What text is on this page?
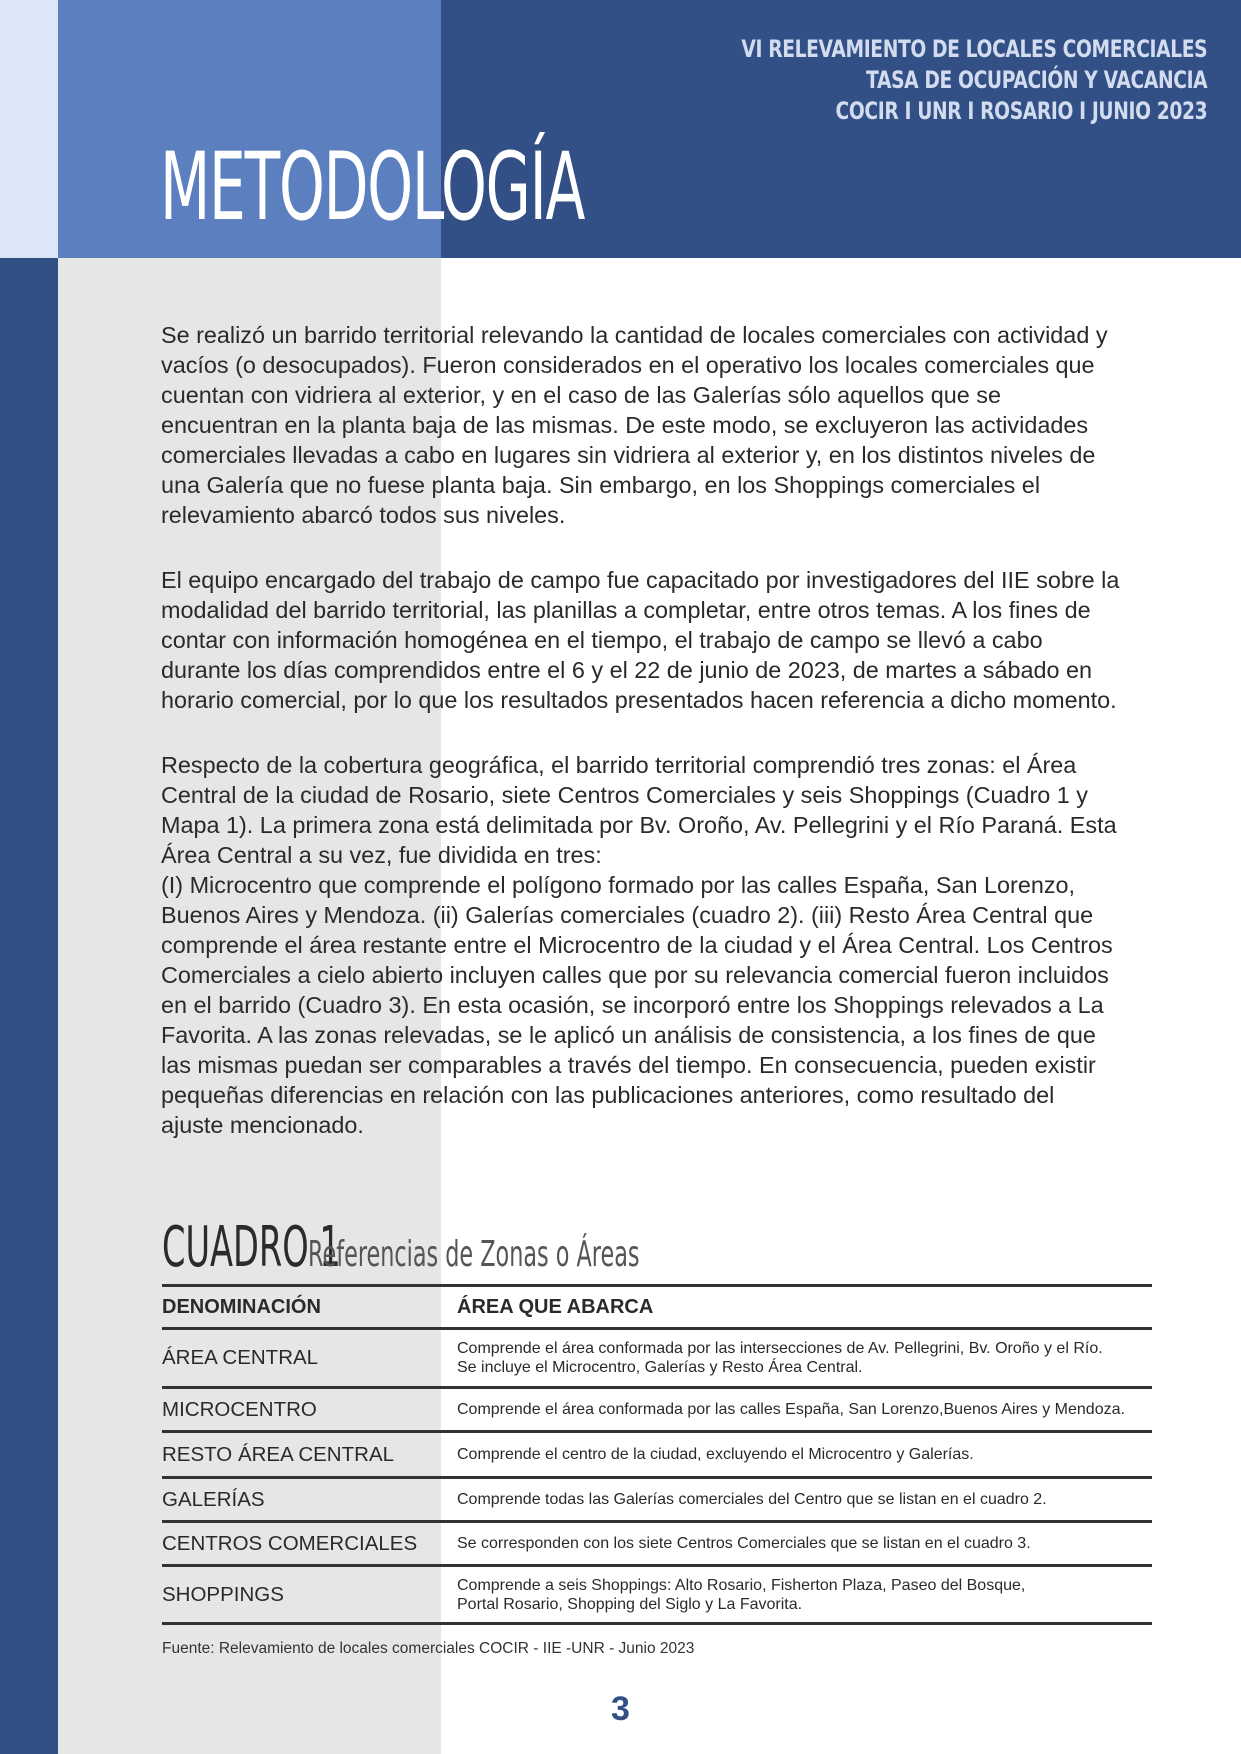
VI RELEVAMIENTO DE LOCALES COMERCIALES
TASA DE OCUPACIÓN Y VACANCIA
COCIR I UNR I ROSARIO I JUNIO 2023
METODOLOGÍA

Se realizó un barrido territorial relevando la cantidad de locales comerciales con actividad y vacíos (o desocupados). Fueron considerados en el operativo los locales comerciales que cuentan con vidriera al exterior, y en el caso de las Galerías sólo aquellos que se encuentran en la planta baja de las mismas. De este modo, se excluyeron las actividades comerciales llevadas a cabo en lugares sin vidriera al exterior y, en los distintos niveles de una Galería que no fuese planta baja. Sin embargo, en los Shoppings comerciales el relevamiento abarcó todos sus niveles.

El equipo encargado del trabajo de campo fue capacitado por investigadores del IIE sobre la modalidad del barrido territorial, las planillas a completar, entre otros temas. A los fines de contar con información homogénea en el tiempo, el trabajo de campo se llevó a cabo durante los días comprendidos entre el 6 y el 22 de junio de 2023, de martes a sábado en horario comercial, por lo que los resultados presentados hacen referencia a dicho momento.

Respecto de la cobertura geográfica, el barrido territorial comprendió tres zonas: el Área Central de la ciudad de Rosario, siete Centros Comerciales y seis Shoppings (Cuadro 1 y Mapa 1). La primera zona está delimitada por Bv. Oroño, Av. Pellegrini y el Río Paraná. Esta Área Central a su vez, fue dividida en tres:

(I) Microcentro que comprende el polígono formado por las calles España, San Lorenzo, Buenos Aires y Mendoza. (ii) Galerías comerciales (cuadro 2). (iii) Resto Área Central que comprende el área restante entre el Microcentro de la ciudad y el Área Central. Los Centros Comerciales a cielo abierto incluyen calles que por su relevancia comercial fueron incluidos en el barrido (Cuadro 3). En esta ocasión, se incorporó entre los Shoppings relevados a La Favorita. A las zonas relevadas, se le aplicó un análisis de consistencia, a los fines de que las mismas puedan ser comparables a través del tiempo. En consecuencia, pueden existir pequeñas diferencias en relación con las publicaciones anteriores, como resultado del ajuste mencionado.

CUADRO 1 Referencias de Zonas o Áreas
DENOMINACIÓN	ÁREA QUE ABARCA
ÁREA CENTRAL	Comprende el área conformada por las intersecciones de Av. Pellegrini, Bv. Oroño y el Río.
Se incluye el Microcentro, Galerías y Resto Área Central.
MICROCENTRO	Comprende el área conformada por las calles España, San Lorenzo,Buenos Aires y Mendoza.
RESTO ÁREA CENTRAL	Comprende el centro de la ciudad, excluyendo el Microcentro y Galerías.
GALERÍAS	Comprende todas las Galerías comerciales del Centro que se listan en el cuadro 2.
CENTROS COMERCIALES	Se corresponden con los siete Centros Comerciales que se listan en el cuadro 3.
SHOPPINGS	Comprende a seis Shoppings: Alto Rosario, Fisherton Plaza, Paseo del Bosque,
Portal Rosario, Shopping del Siglo y La Favorita.
Fuente: Relevamiento de locales comerciales COCIR - IIE -UNR - Junio 2023
3
